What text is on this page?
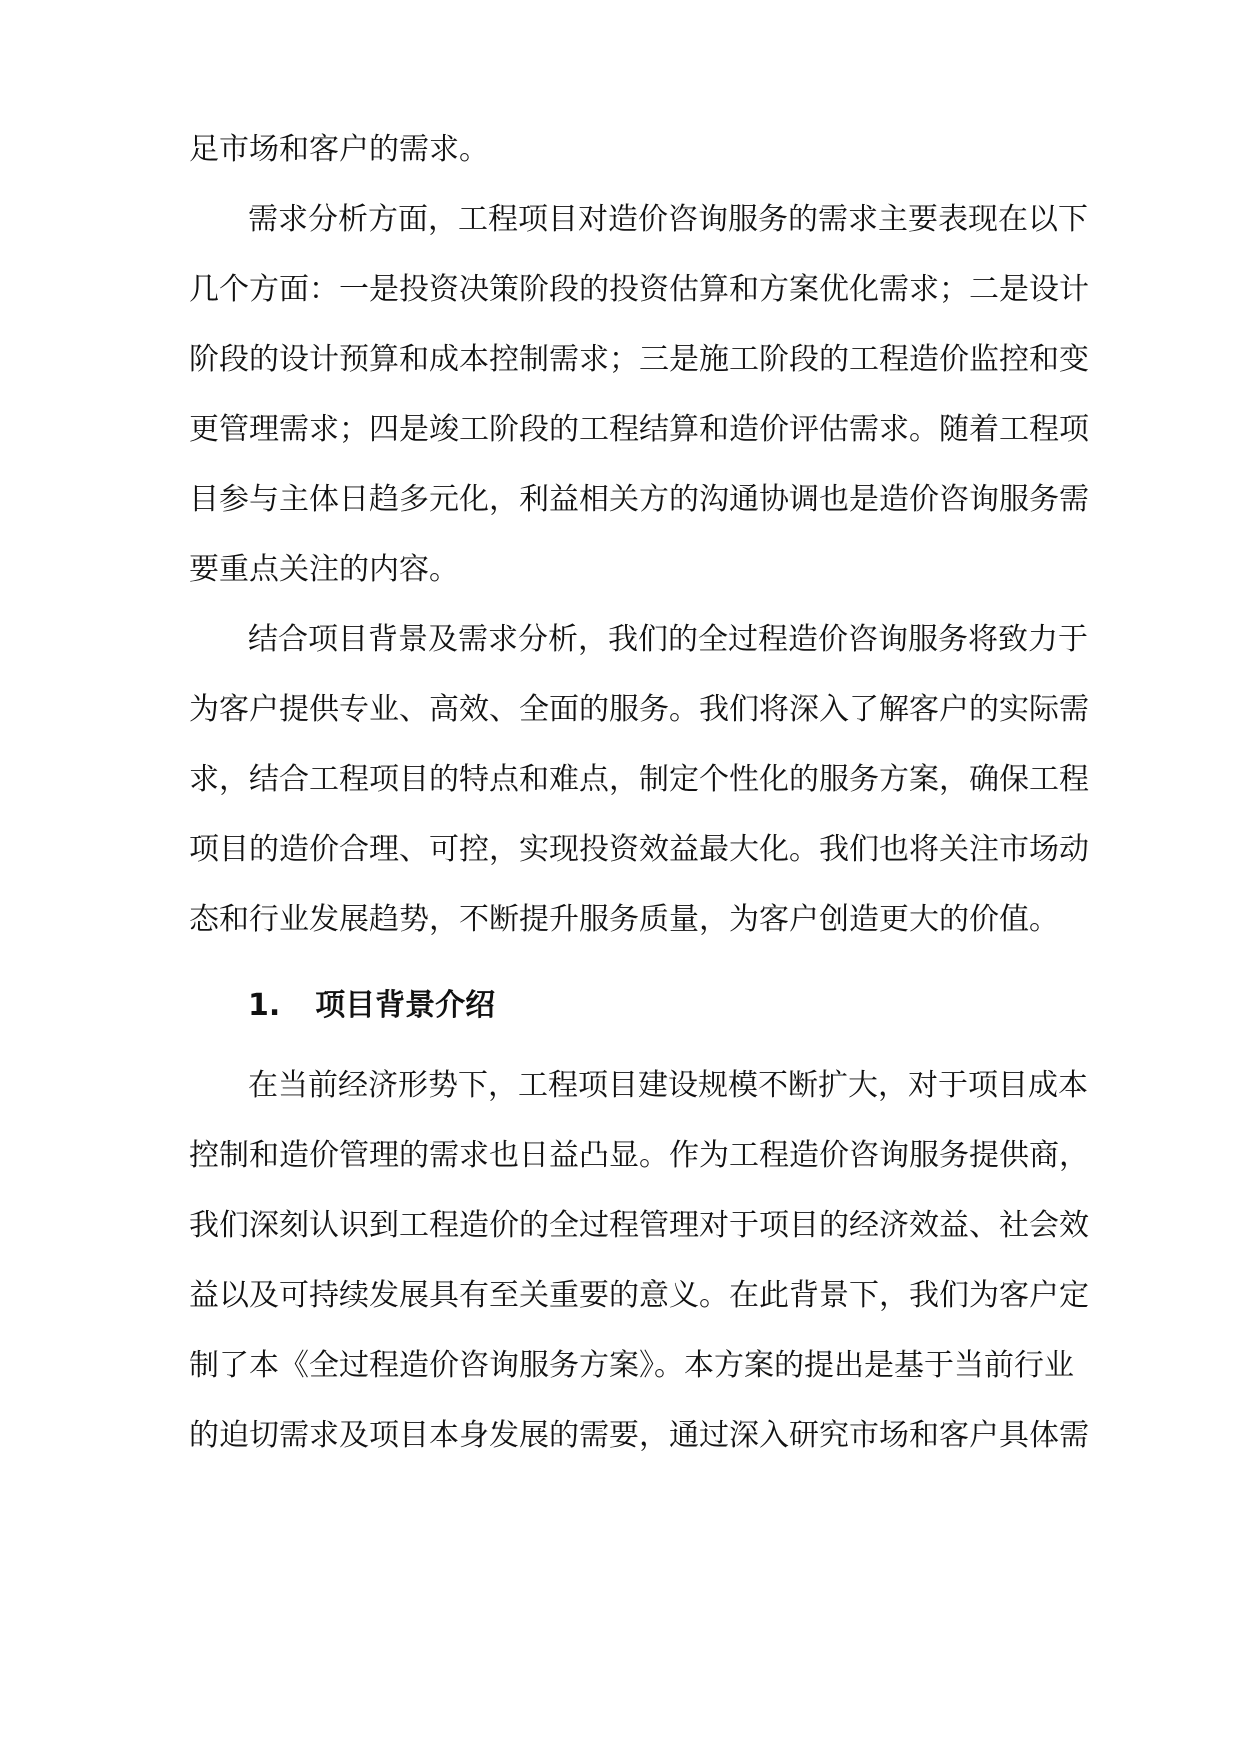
足市场和客户的需求。
需求分析方面，工程项目对造价咨询服务的需求主要表现在以下
几个方面：一是投资决策阶段的投资估算和方案优化需求；二是设计
阶段的设计预算和成本控制需求；三是施工阶段的工程造价监控和变
更管理需求；四是竣工阶段的工程结算和造价评估需求。随着工程项
目参与主体日趋多元化，利益相关方的沟通协调也是造价咨询服务需
要重点关注的内容。
结合项目背景及需求分析，我们的全过程造价咨询服务将致力于
为客户提供专业、高效、全面的服务。我们将深入了解客户的实际需
求，结合工程项目的特点和难点，制定个性化的服务方案，确保工程
项目的造价合理、可控，实现投资效益最大化。我们也将关注市场动
态和行业发展趋势，不断提升服务质量，为客户创造更大的价值。
1. 项目背景介绍
在当前经济形势下，工程项目建设规模不断扩大，对于项目成本
控制和造价管理的需求也日益凸显。作为工程造价咨询服务提供商，
我们深刻认识到工程造价的全过程管理对于项目的经济效益、社会效
益以及可持续发展具有至关重要的意义。在此背景下，我们为客户定
制了本《全过程造价咨询服务方案》。本方案的提出是基于当前行业
的迫切需求及项目本身发展的需要，通过深入研究市场和客户具体需
